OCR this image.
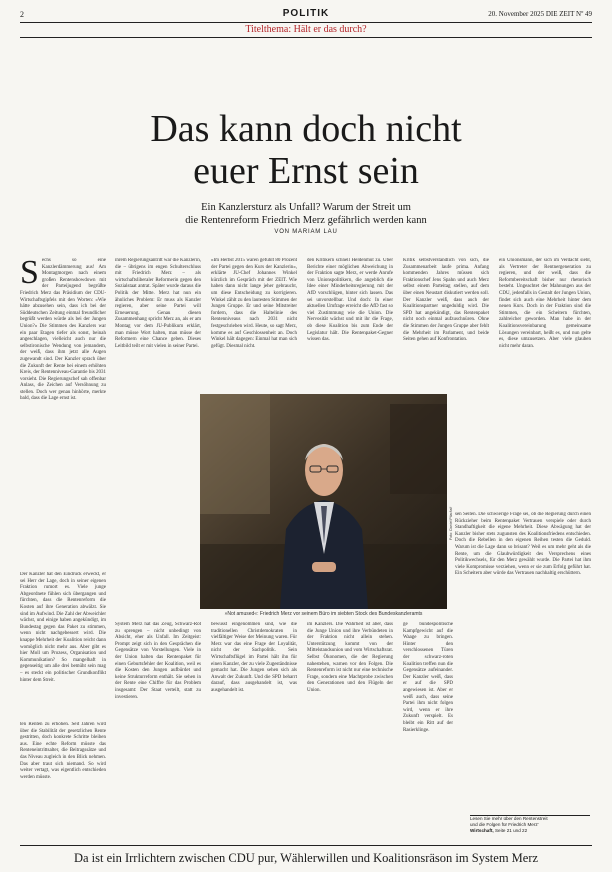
2	POLITIK	20. November 2025 DIE ZEIT Nº 49
Titelthema: Hält er das durch?
Das kann doch nicht
euer Ernst sein
Ein Kanzlersturz als Unfall? Warum der Streit um
die Rentenreform Friedrich Merz gefährlich werden kann
VON MARIAM LAU
S echs so eine Kanzlerdämmerung aus! Am Montagmorgen nach einem großen Rentenshowdown mit der Parteijugend begrüßte Friedrich Merz das Präsidium der CDU-Wirtschaftsgipfels mit den Worten: »Wie hätte abzusehen sein, dass ich bei der Süddeutschen Zeitung einmal freundlicher begrüßt werden würde als bei der Jungen Union?« Die Stimmen des Kanzlers war ein paar Etagen tiefer als sonst, beinah angeschlagen, vielleicht auch nur die selbstironische Wendung von jemandem, der weiß, dass ihm jetzt alle Augen zugewandt sind. Der Kanzler sprach über die Zukunft der Rente bei einem erhöhten Kreis, der Rentenniveau-Garantie bis 2031 vorsieht. Die Regierungschef sah offenbar Anlass, die Zeichen auf Versöhnung zu stellen. Doch wer genau hinhörte, merkte bald, dass die Lage ernst ist.

Der Kanzler hat den Eindruck erweckt, er sei Herr der Lage, doch in seiner eigenen Fraktion rumort es. Viele junge Abgeordnete fühlen sich übergangen und fürchten, dass die Rentenreform die Kosten auf ihre Generation abwälzt. Sie sind im Aufwind. Die Zahl der Abweichler wächst, und einige haben angekündigt, im Bundestag gegen das Paket zu stimmen, wenn nicht nachgebessert wird. Die knappe Mehrheit der Koalition reicht dann womöglich nicht mehr aus. Aber gibt es hier Moll um Prozess, Organisation und Kommunikation? So mangelhaft in gegenseitig um alle drei bemüht sein mag – es steckt ein politischer Grundkonflikt hinter dem Streit.

ihrem Regierungsantritt war die Kanzlerin, die – übrigens im engen Schulterschluss mit Friedrich Merz – als wirtschaftsliberaler Reformerin gegen den Sozialstaat antrat. Später wurde daraus die Politik der Mitte. Merz hat nun ein ähnliches Problem: Er muss als Kanzler regieren, aber seine Partei will Erneuerung. Genau diesen Zusammenhang spricht Merz an, als er am Montag vor dem JU-Publikum erklärt, man müsse Wort halten, man müsse der Reformern eine Chance geben. Dieses Leitbild teilt er mit vielen in seiner Partei.

»Im Herbst 2015 waren gefühlt 80 Prozent der Partei gegen den Kurs der Kanzlerin«, erklärte JU-Chef Johannes Winkel kürzlich im Gespräch mit der ZEIT. Wie haben dann nicht lange jeher gebraucht, um diese Entscheidung zu korrigieren. Winkel zählt zu den lautesten Stimmen der Jungen Gruppe. Er und seine Mitstreiter fordern, dass die Haltelinie des Rentenniveaus nach 2031 nicht festgeschrieben wird. Heute, so sagt Merz, komme es auf Geschlossenheit an. Doch Winkel hält dagegen: Einmal hat man sich gefügt. Diesmal nicht.

den Kritikern schnell Heldenmut zu. Über Berichte einer möglichen Abweichung in der Fraktion sagte Merz, er werde Anrufe von Unionspolitikern, die angeblich die Idee einer Minderheitsregierung mit der AfD vorschlügen, hinter sich lassen. Das sei unvorstellbar. Und doch: In einer aktuellen Umfrage erreicht die AfD fast so viel Zustimmung wie die Union. Die Nervosität wächst und mit ihr die Frage, ob diese Koalition bis zum Ende der Legislatur hält. Die Rentenpaket-Gegner wissen das.

Kritik selbstverständlich von sich, die Zusammenarbeit laufe prima. Anfang kommenden Jahres müssen sich Fraktionschef Jens Spahn und auch Merz selbst einem Parteitag stellen, auf dem über einen Neustart diskutiert werden soll. Der Kanzler weiß, dass auch der Koalitionspartner ungeduldig wird. Die SPD hat angekündigt, das Rentenpaket nicht noch einmal aufzuschnüren. Ohne die Stimmen der Jungen Gruppe aber fehlt die Mehrheit im Parlament, und beide Seiten gehen auf Konfrontation.

ein Unionsmann, der sich im Verdacht sieht, als Vertreter der Rentnergeneration zu regieren, und der weiß, dass die Reformbereitschaft bisher nur rhetorisch besteht. Ungeachtet der Mahnungen aus der CDU, jedenfalls in Gestalt der Jungen Union, findet sich auch eine Mehrheit hinter dem neuen Kurs. Doch in der Fraktion sind die Stimmen, die ein Scheitern fürchten, zahlreicher geworden. Man habe in der Koalitionsvereinbarung gemeinsame Lösungen vereinbart, heißt es, und nun gelte es, diese umzusetzen. Aber viele glauben nicht mehr daran.

sen Seiten. Die schwierige Frage sei, ob die Regierung durch einen Rückzieher beim Rentenpaket Vertrauen verspiele oder durch Standhaftigkeit die eigene Mehrheit. Diese Abwägung hat der Kanzler bisher stets zugunsten des Koalitionsfriedens entschieden. Doch die Rebellen in den eigenen Reihen testen die Geduld. Warum ist die Lage dann so brisant? Weil es um mehr geht als die Rente, um die Glaubwürdigkeit des Versprechens eines Politikwechsels, für den Merz gewählt wurde. Die Partei hat ihm viele Kompromisse verziehen, wenn er sie zum Erfolg geführt hat. Ein Scheitern aber würde das Vertrauen nachhaltig erschüttern.

Foto: Daniel Pilar/laif
»Not amused«: Friedrich Merz vor seinem Büro im siebten Stock des Bundeskanzleramts

System Merz hat das Zeug, Schwarz-Rot zu sprengen – nicht unbedingt von Absicht, eher als Unfall. Im Zeitgeist: Prompt zeigt sich in den Gesprächen die Gegensätze von Vorstellungen. Viele in der Union halten das Rentenpaket für einen Geburtsfehler der Koalition, weil es die Kosten den Jungen aufbürdet und keine Strukturreform enthält. Sie sehen in der Rente eine Chiffre für das Problem insgesamt: Der Staat verteilt, statt zu investieren.

bewusst eingenommen sind, wie die traditionellen Christdemokraten in vielfältiger Weise der Meinung waren. Für Merz war das eine Frage der Loyalität, nicht der Sachpolitik. Sein Wirtschaftsflügel im Partei hält ihn für einen Kanzler, der zu viele Zugeständnisse gemacht hat. Die Jungen sehen sich als Anwalt der Zukunft. Und die SPD beharrt darauf, dass ausgehandelt ist, was ausgehandelt ist.

im Kanzlers. Die Wahrheit ist aber, dass die Junge Union und ihre Verbündeten in der Fraktion nicht allein stehen. Unterstützung kommt von der Mittelstandsunion und vom Wirtschaftsrat. Selbst Ökonomen, die der Regierung nahestehen, warnen vor den Folgen. Die Rentenreform ist nicht nur eine technische Frage, sondern eine Machtprobe zwischen den Generationen und den Flügeln der Union.

ge bundespolitische Kampfgewicht auf die Waage zu bringen. Hinter den verschlossenen Türen der schwarz-roten Koalition treffen nun die Gegensätze aufeinander. Der Kanzler weiß, dass er auf die SPD angewiesen ist. Aber er weiß auch, dass seine Partei ihm nicht folgen wird, wenn er ihre Zukunft verspielt. Es bleibt ein Ritt auf der Rasierklinge.

ten Renten zu erhöhen. Seit Jahren wird über die Stabilität der gesetzlichen Rente gestritten, doch konkrete Schritte bleiben aus. Eine echte Reform müsste das Renteneintrittsalter, die Beitragssätze und das Niveau zugleich in den Blick nehmen. Das aber traut sich niemand. So wird weiter vertagt, was eigentlich entschieden werden müsste.

Lesen Sie mehr über den Rentenstreit
und die Folgen für Friedrich Merz'
Wirtschaft, Seite 21 und 22
Da ist ein Irrlichtern zwischen CDU pur, Wählerwillen und Koalitionsräson im System Merz
